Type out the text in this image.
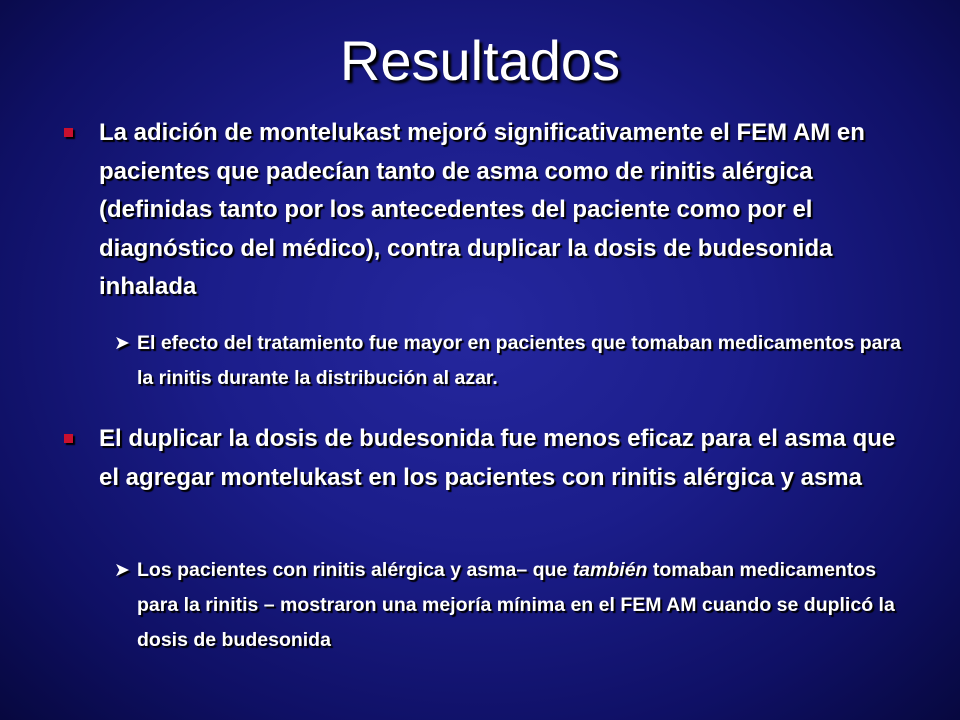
Resultados
La adición de montelukast mejoró significativamente el FEM AM en pacientes que padecían tanto de asma como de rinitis alérgica (definidas tanto por los antecedentes del paciente como por el diagnóstico del médico), contra duplicar la dosis de budesonida inhalada
➤ El efecto del tratamiento fue mayor en pacientes que tomaban medicamentos para la rinitis durante la distribución al azar.
El duplicar la dosis de budesonida fue menos eficaz para el asma que el agregar montelukast en los pacientes con rinitis alérgica y asma
➤ Los pacientes con rinitis alérgica y asma– que también tomaban medicamentos para la rinitis – mostraron una mejoría mínima en el FEM AM cuando se duplicó la dosis de budesonida
